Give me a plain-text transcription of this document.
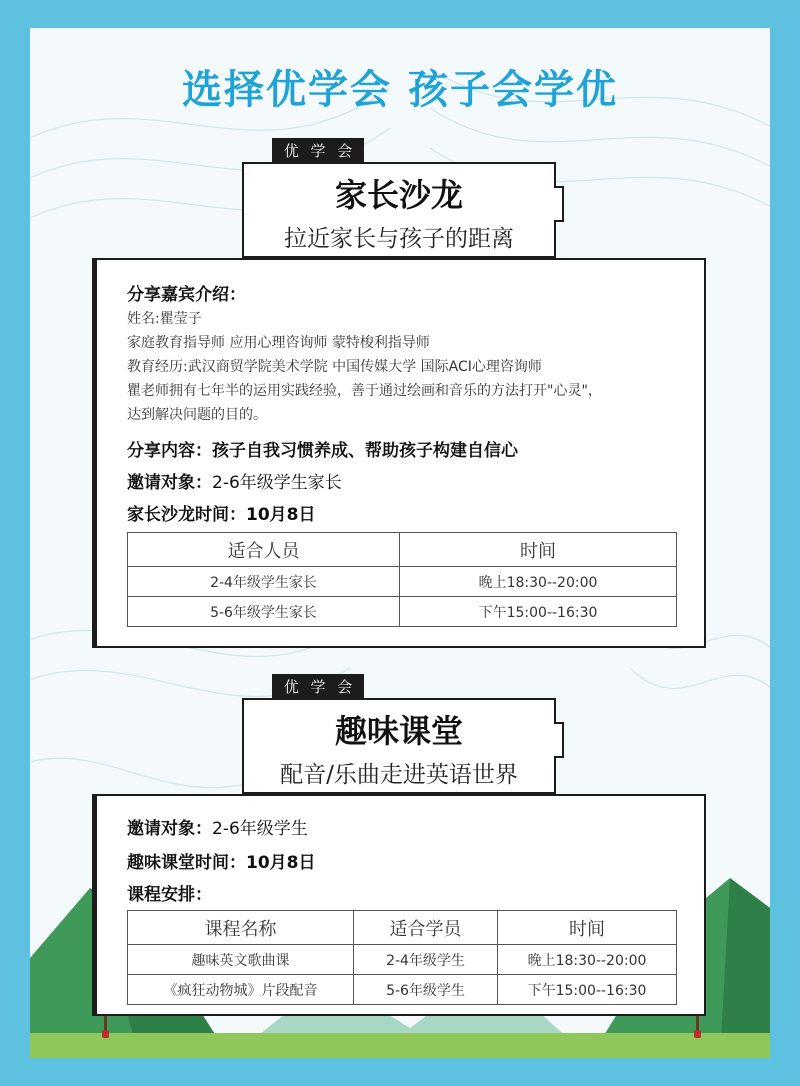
选择优学会 孩子会学优
优 学 会
家长沙龙
拉近家长与孩子的距离
分享嘉宾介绍：
姓名:瞿莹子
家庭教育指导师 应用心理咨询师 蒙特梭利指导师
教育经历:武汉商贸学院美术学院 中国传媒大学 国际ACI心理咨询师
瞿老师拥有七年半的运用实践经验，善于通过绘画和音乐的方法打开"心灵"，
达到解决问题的目的。
分享内容：孩子自我习惯养成、帮助孩子构建自信心
邀请对象：2-6年级学生家长
家长沙龙时间：10月8日
适合人员	时间
2-4年级学生家长	晚上18:30--20:00
5-6年级学生家长	下午15:00--16:30
优 学 会
趣味课堂
配音/乐曲走进英语世界
邀请对象：2-6年级学生
趣味课堂时间：10月8日
课程安排：
课程名称	适合学员	时间
趣味英文歌曲课	2-4年级学生	晚上18:30--20:00
《疯狂动物城》片段配音	5-6年级学生	下午15:00--16:30
